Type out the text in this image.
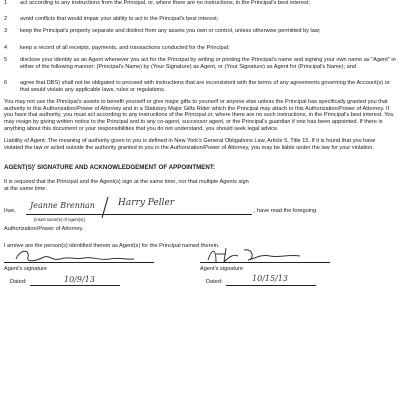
1 act according to any instructions from the Principal, or, where there are no instructions, in the Principal's best interest;
2 avoid conflicts that would impair your ability to act in the Principal's best interest;
3 keep the Principal's property separate and distinct from any assets you own or control, unless otherwise permitted by law;
4 keep a record of all receipts, payments, and transactions conducted for the Principal;
5 disclose your identity as an Agent whenever you act for the Principal by writing or printing the Principal's name and signing your own name as "Agent" in either of the following manner: (Principal's Name) by (Your Signature) as Agent, or (Your Signature) as Agent for (Principal's Name); and
6 agree that DBS) shall not be obligated to proceed with instructions that are inconsistent with the terms of any agreements governing the Account(s) or that would violate any applicable laws, rules or regulations.
You may not use the Principal's assets to benefit yourself or give major gifts to yourself or anyone else unless the Principal has specifically granted you that authority in this Authorization/Power of Attorney and in a Statutory Major Gifts Rider which the Principal may attach to this Authorization/Power of Attorney. If you have that authority, you must act according to any instructions of the Principal or, where there are no such instructions, in the Principal's best interest. You may resign by giving written notice to the Principal and to any co-agent, successor agent, or the Principal's guardian if one has been appointed. If there is anything about this document or your responsibilities that you do not understand, you should seek legal advice.
Liability of Agent: The meaning of authority given to you is defined in New York's General Obligations Law, Article 5, Title 15. If it is found that you have violated the law or acted outside the authority granted to you in the Authorization/Power of Attorney, you may be liable under the law for your violation.
AGENT(S)' SIGNATURE AND ACKNOWLEDGEMENT OF APPOINTMENT:
It is required that the Principal and the Agent(s) sign at the same time, nor that multiple Agents sign
at the same time.
I/we,	, have read the foregoing
(insert name(s) of Agent(s))
Jeanne Brennan	Harry Peller
Authorization/Power of Attorney.
I am/we are the person(s) identified therein as Agent(s) for the Principal named therein.
Agent's signature	Agent's signature
Dated:	10/9/13	Dated:	10/15/13
